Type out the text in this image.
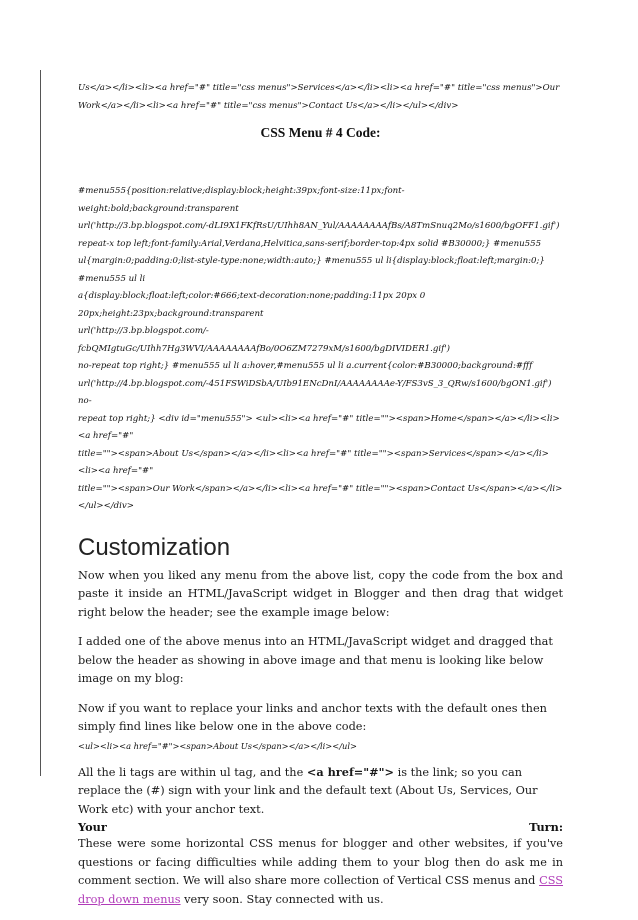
Us</a></li><li><a href="#" title="css menus">Services</a></li><li><a href="#" title="css menus">Our
Work</a></li><li><a href="#" title="css menus">Contact Us</a></li></ul></div>
CSS Menu # 4 Code:
#menu555{position:relative;display:block;height:39px;font-size:11px;font-weight:bold;background:transparent
url('http://3.bp.blogspot.com/-dLI9X1FKfRsU/UIhh8AN_Yul/AAAAAAAAfBs/A8TmSnuq2Mo/s1600/bgOFF1.gif')
repeat-x top left;font-family:Arial,Verdana,Helvitica,sans-serif;border-top:4px solid #B30000;} #menu555
ul{margin:0;padding:0;list-style-type:none;width:auto;} #menu555 ul li{display:block;float:left;margin:0;} #menu555 ul li
a{display:block;float:left;color:#666;text-decoration:none;padding:11px 20px 0 20px;height:23px;background:transparent
url('http://3.bp.blogspot.com/-fcbQMIgtuGc/UIhh7Hg3WVI/AAAAAAAAfBo/0O6ZM7279xM/s1600/bgDIVIDER1.gif')
no-repeat top right;} #menu555 ul li a:hover,#menu555 ul li a.current{color:#B30000;background:#fff
url('http://4.bp.blogspot.com/-451FSWiDSbA/UIb91ENcDnI/AAAAAAAAe-Y/FS3vS_3_QRw/s1600/bgON1.gif') no-
repeat top right;} <div id="menu555"> <ul><li><a href="#" title=""><span>Home</span></a></li><li><a href="#"
title=""><span>About Us</span></a></li><li><a href="#" title=""><span>Services</span></a></li><li><a href="#"
title=""><span>Our Work</span></a></li><li><a href="#" title=""><span>Contact Us</span></a></li></ul></div>
Customization

Now when you liked any menu from the above list, copy the code from the box and paste it inside an HTML/JavaScript widget in Blogger and then drag that widget right below the header; see the example image below:

I added one of the above menus into an HTML/JavaScript widget and dragged that below the header as showing in above image and that menu is looking like below image on my blog:

Now if you want to replace your links and anchor texts with the default ones then simply find lines like below one in the above code:

<ul><li><a href="#"><span>About Us</span></a></li></ul>

All the li tags are within ul tag, and the <a href="#"> is the link; so you can replace the (#) sign with your link and the default text (About Us, Services, Our Work etc) with your anchor text.

Your	Turn:

These were some horizontal CSS menus for blogger and other websites, if you've questions or facing difficulties while adding them to your blog then do ask me in comment section. We will also share more collection of Vertical CSS menus and CSS drop down menus very soon. Stay connected with us.
